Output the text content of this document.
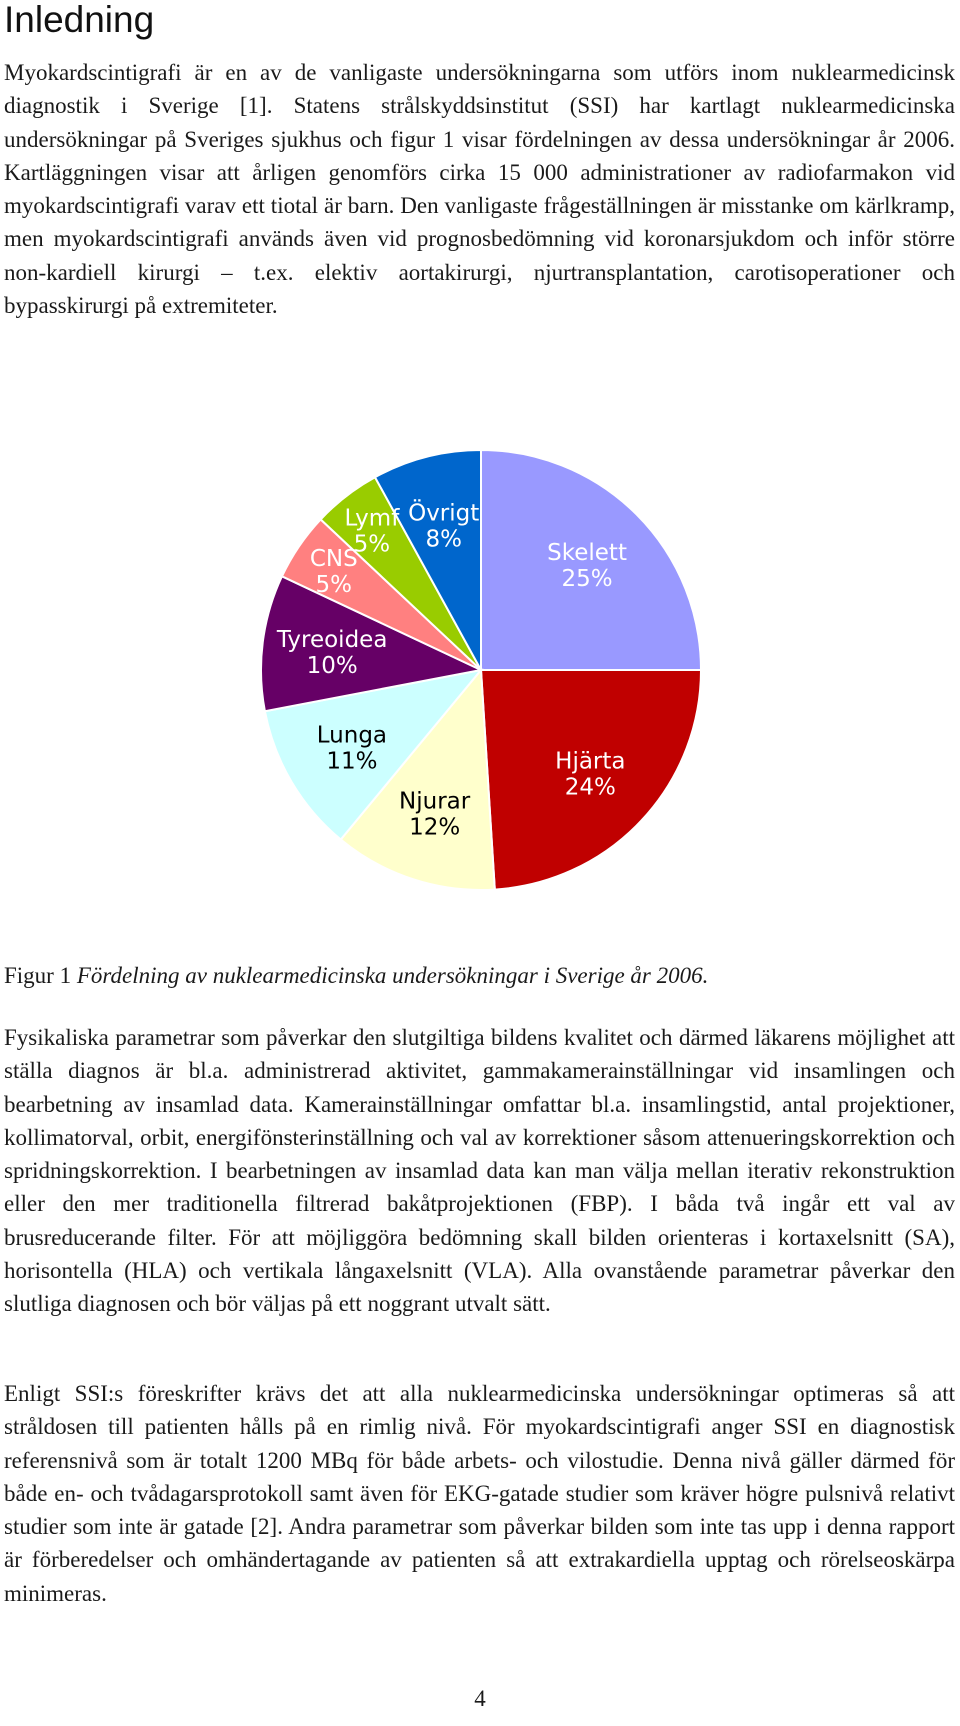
Inledning

Myokardscintigrafi är en av de vanligaste undersökningarna som utförs inom nuklearmedicinsk diagnostik i Sverige [1]. Statens strålskyddsinstitut (SSI) har kartlagt nuklearmedicinska undersökningar på Sveriges sjukhus och figur 1 visar fördelningen av dessa undersökningar år 2006. Kartläggningen visar att årligen genomförs cirka 15 000 administrationer av radiofarmakon vid myokardscintigrafi varav ett tiotal är barn. Den vanligaste frågeställningen är misstanke om kärlkramp, men myokardscintigrafi används även vid prognosbedömning vid koronarsjukdom och inför större non-kardiell kirurgi – t.ex. elektiv aortakirurgi, njurtransplantation, carotisoperationer och bypasskirurgi på extremiteter.

Skelett 25%
Hjärta 24%
Njurar 12%
Lunga 11%
Tyreoidea 10%
CNS 5%
Lymf 5%
Övrigt 8%

Figur 1 Fördelning av nuklearmedicinska undersökningar i Sverige år 2006.

Fysikaliska parametrar som påverkar den slutgiltiga bildens kvalitet och därmed läkarens möjlighet att ställa diagnos är bl.a. administrerad aktivitet, gammakamerainställningar vid insamlingen och bearbetning av insamlad data. Kamerainställningar omfattar bl.a. insamlingstid, antal projektioner, kollimatorval, orbit, energifönsterinställning och val av korrektioner såsom attenueringskorrektion och spridningskorrektion. I bearbetningen av insamlad data kan man välja mellan iterativ rekonstruktion eller den mer traditionella filtrerad bakåtprojektionen (FBP). I båda två ingår ett val av brusreducerande filter. För att möjliggöra bedömning skall bilden orienteras i kortaxelsnitt (SA), horisontella (HLA) och vertikala långaxelsnitt (VLA). Alla ovanstående parametrar påverkar den slutliga diagnosen och bör väljas på ett noggrant utvalt sätt.

Enligt SSI:s föreskrifter krävs det att alla nuklearmedicinska undersökningar optimeras så att stråldosen till patienten hålls på en rimlig nivå. För myokardscintigrafi anger SSI en diagnostisk referensnivå som är totalt 1200 MBq för både arbets- och vilostudie. Denna nivå gäller därmed för både en- och tvådagarsprotokoll samt även för EKG-gatade studier som kräver högre pulsnivå relativt studier som inte är gatade [2]. Andra parametrar som påverkar bilden som inte tas upp i denna rapport är förberedelser och omhändertagande av patienten så att extrakardiella upptag och rörelseoskärpa minimeras.

4
